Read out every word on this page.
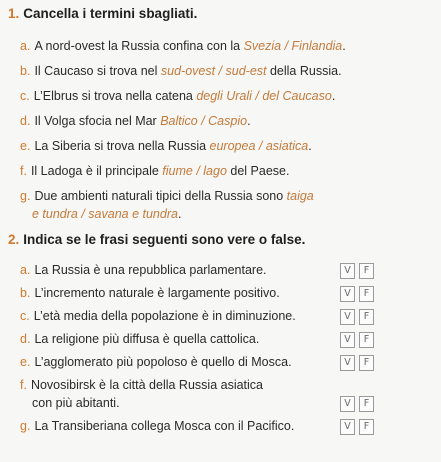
1. Cancella i termini sbagliati.
a. A nord-ovest la Russia confina con la Svezia / Finlandia.
b. Il Caucaso si trova nel sud-ovest / sud-est della Russia.
c. L’Elbrus si trova nella catena degli Urali / del Caucaso.
d. Il Volga sfocia nel Mar Baltico / Caspio.
e. La Siberia si trova nella Russia europea / asiatica.
f. Il Ladoga è il principale fiume / lago del Paese.
g. Due ambienti naturali tipici della Russia sono taiga
e tundra / savana e tundra.
2. Indica se le frasi seguenti sono vere o false.
a. La Russia è una repubblica parlamentare.	V	F
b. L’incremento naturale è largamente positivo.	V	F
c. L’età media della popolazione è in diminuzione.	V	F
d. La religione più diffusa è quella cattolica.	V	F
e. L’agglomerato più popoloso è quello di Mosca.	V	F
f. Novosibirsk è la città della Russia asiatica
con più abitanti.	V	F
g. La Transiberiana collega Mosca con il Pacifico.	V	F
